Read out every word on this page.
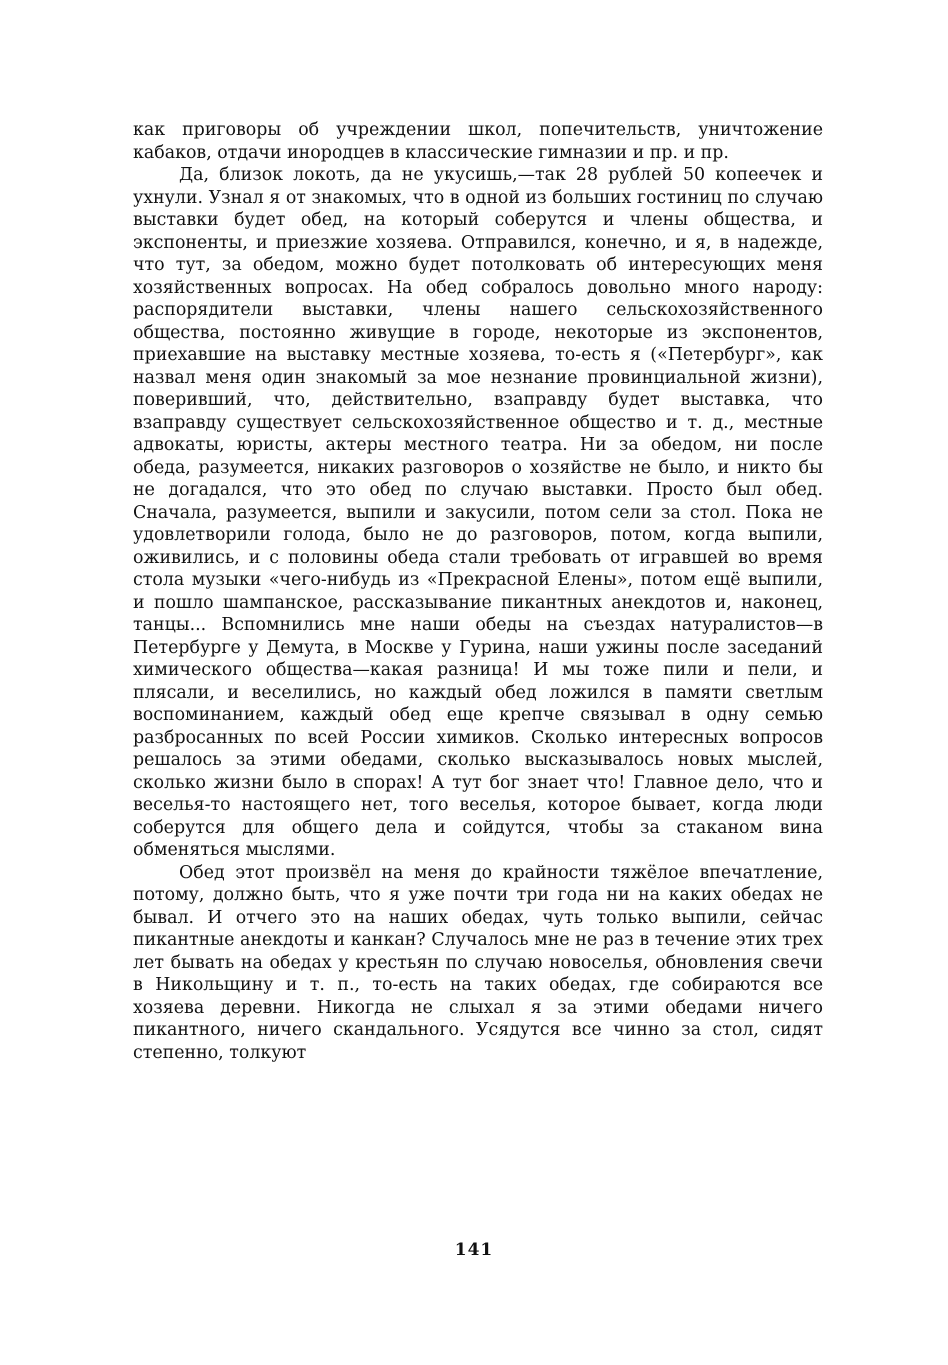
как приговоры об учреждении школ, попечительств, уничтожение кабаков, отдачи инородцев в классические гимназии и пр. и пр.

Да, близок локоть, да не укусишь,—так 28 рублей 50 копеечек и ухнули. Узнал я от знакомых, что в одной из больших гостиниц по случаю выставки будет обед, на который соберутся и члены общества, и экспоненты, и приезжие хозяева. Отправился, конечно, и я, в надежде, что тут, за обедом, можно будет потолковать об интересующих меня хозяйственных вопросах. На обед собралось довольно много народу: распорядители выставки, члены нашего сельскохозяйственного общества, постоянно живущие в городе, некоторые из экспонентов, приехавшие на выставку местные хозяева, то-есть я («Петербург», как назвал меня один знакомый за мое незнание провинциальной жизни), поверивший, что, действительно, взаправду будет выставка, что взаправду существует сельскохозяйственное общество и т. д., местные адвокаты, юристы, актеры местного театра. Ни за обедом, ни после обеда, разумеется, никаких разговоров о хозяйстве не было, и никто бы не догадался, что это обед по случаю выставки. Просто был обед. Сначала, разумеется, выпили и закусили, потом сели за стол. Пока не удовлетворили голода, было не до разговоров, потом, когда выпили, оживились, и с половины обеда стали требовать от игравшей во время стола музыки «чего-нибудь из «Прекрасной Елены», потом ещё выпили, и пошло шампанское, рассказывание пикантных анекдотов и, наконец, танцы... Вспомнились мне наши обеды на съездах натуралистов—в Петербурге у Демута, в Москве у Гурина, наши ужины после заседаний химического общества—какая разница! И мы тоже пили и пели, и плясали, и веселились, но каждый обед ложился в памяти светлым воспоминанием, каждый обед еще крепче связывал в одну семью разбросанных по всей России химиков. Сколько интересных вопросов решалось за этими обедами, сколько высказывалось новых мыслей, сколько жизни было в спорах! А тут бог знает что! Главное дело, что и веселья-то настоящего нет, того веселья, которое бывает, когда люди соберутся для общего дела и сойдутся, чтобы за стаканом вина обменяться мыслями.

Обед этот произвёл на меня до крайности тяжёлое впечатление, потому, должно быть, что я уже почти три года ни на каких обедах не бывал. И отчего это на наших обедах, чуть только выпили, сейчас пикантные анекдоты и канкан? Случалось мне не раз в течение этих трех лет бывать на обедах у крестьян по случаю новоселья, обновления свечи в Никольщину и т. п., то-есть на таких обедах, где собираются все хозяева деревни. Никогда не слыхал я за этими обедами ничего пикантного, ничего скандального. Усядутся все чинно за стол, сидят степенно, толкуют

141
